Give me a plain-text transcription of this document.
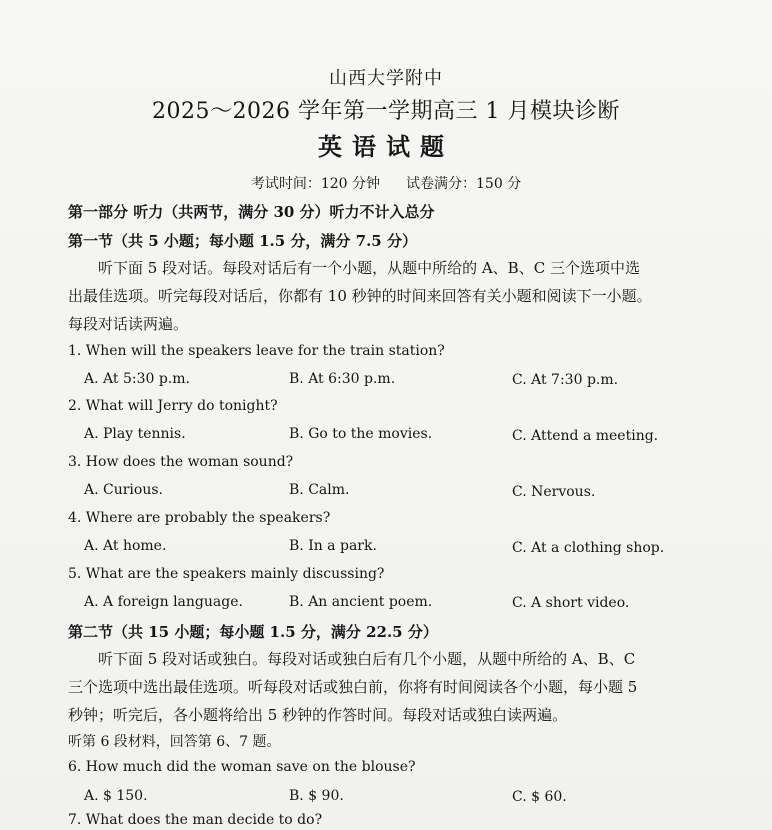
山西大学附中
2025～2026 学年第一学期高三 1 月模块诊断
英语试题
考试时间：120 分钟 试卷满分：150 分
第一部分 听力（共两节，满分 30 分）听力不计入总分
第一节（共 5 小题；每小题 1.5 分，满分 7.5 分）
听下面 5 段对话。每段对话后有一个小题，从题中所给的 A、B、C 三个选项中选
出最佳选项。听完每段对话后，你都有 10 秒钟的时间来回答有关小题和阅读下一小题。
每段对话读两遍。
1. When will the speakers leave for the train station?
A. At 5:30 p.m.	B. At 6:30 p.m.	C. At 7:30 p.m.
2. What will Jerry do tonight?
A. Play tennis.	B. Go to the movies.	C. Attend a meeting.
3. How does the woman sound?
A. Curious.	B. Calm.	C. Nervous.
4. Where are probably the speakers?
A. At home.	B. In a park.	C. At a clothing shop.
5. What are the speakers mainly discussing?
A. A foreign language.	B. An ancient poem.	C. A short video.
第二节（共 15 小题；每小题 1.5 分，满分 22.5 分）
听下面 5 段对话或独白。每段对话或独白后有几个小题，从题中所给的 A、B、C
三个选项中选出最佳选项。听每段对话或独白前，你将有时间阅读各个小题，每小题 5
秒钟；听完后，各小题将给出 5 秒钟的作答时间。每段对话或独白读两遍。
听第 6 段材料，回答第 6、7 题。
6. How much did the woman save on the blouse?
A. $ 150.	B. $ 90.	C. $ 60.
7. What does the man decide to do?
